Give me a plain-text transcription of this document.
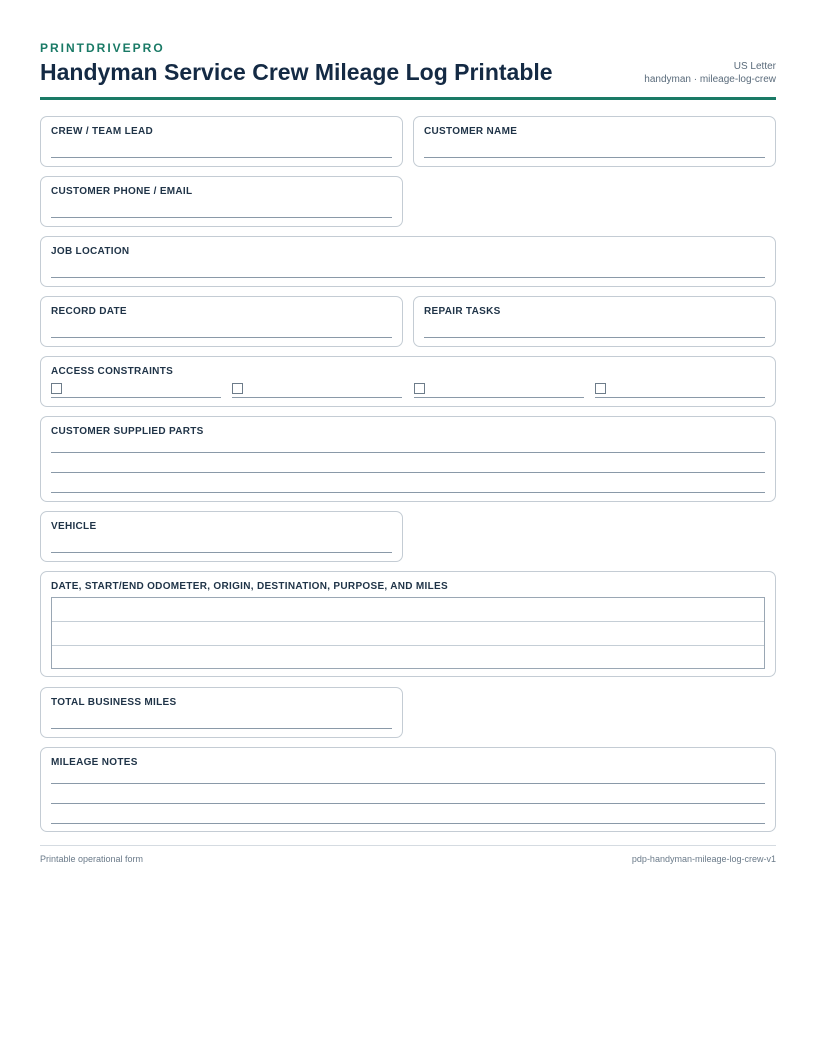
PRINTDRIVEPRO
Handyman Service Crew Mileage Log Printable	US Letter
handyman · mileage-log-crew
CREW / TEAM LEAD	CUSTOMER NAME
CUSTOMER PHONE / EMAIL
JOB LOCATION
RECORD DATE	REPAIR TASKS
ACCESS CONSTRAINTS
CUSTOMER SUPPLIED PARTS
VEHICLE
DATE, START/END ODOMETER, ORIGIN, DESTINATION, PURPOSE, AND MILES
TOTAL BUSINESS MILES
MILEAGE NOTES
Printable operational form	pdp-handyman-mileage-log-crew-v1
